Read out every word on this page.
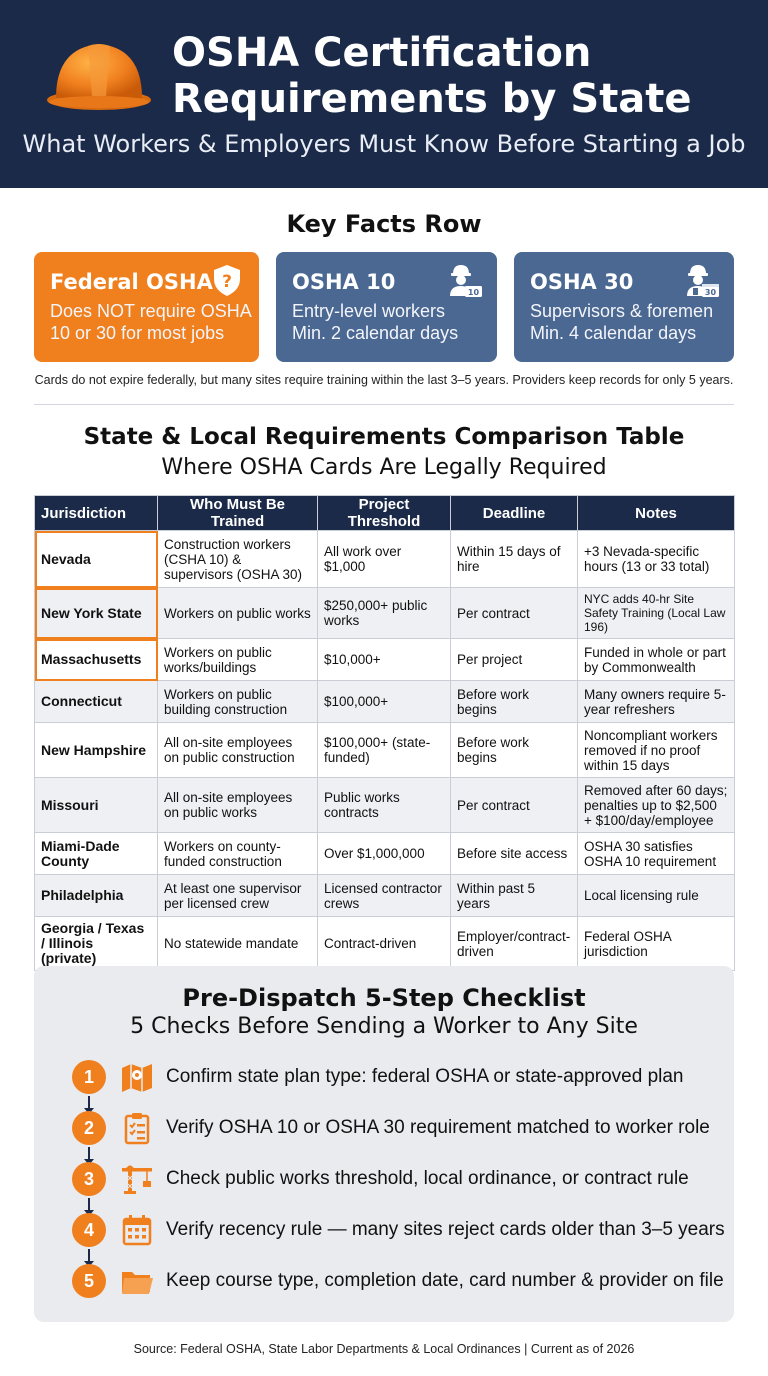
OSHA Certification Requirements by State
What Workers & Employers Must Know Before Starting a Job
Key Facts Row
Federal OSHA
Does NOT require OSHA
10 or 30 for most jobs
?	OSHA 10
Entry-level workers
Min. 2 calendar days
10 OSHA 30
Supervisors & foremen
Min. 4 calendar days
30
Cards do not expire federally, but many sites require training within the last 3–5 years. Providers keep records for only 5 years.
State & Local Requirements Comparison Table
Where OSHA Cards Are Legally Required
Jurisdiction	Who Must Be Trained	Project Threshold	Deadline	Notes
Nevada	Construction workers (CSHA 10) & supervisors (OSHA 30)	All work over $1,000	Within 15 days of hire	+3 Nevada-specific hours (13 or 33 total)
New York State	Workers on public works	$250,000+ public works	Per contract	NYC adds 40-hr Site Safety Training (Local Law 196)
Massachusetts	Workers on public works/buildings	$10,000+	Per project	Funded in whole or part by Commonwealth
Connecticut	Workers on public building construction	$100,000+	Before work begins	Many owners require 5-year refreshers
New Hampshire	All on-site employees on public construction	$100,000+ (state-funded)	Before work begins	Noncompliant workers removed if no proof within 15 days
Missouri	All on-site employees on public works	Public works contracts	Per contract	Removed after 60 days; penalties up to $2,500 + $100/day/employee
Miami-Dade County	Workers on county-funded construction	Over $1,000,000	Before site access	OSHA 30 satisfies OSHA 10 requirement
Philadelphia	At least one supervisor per licensed crew	Licensed contractor crews	Within past 5 years	Local licensing rule
Georgia / Texas / Illinois (private)	No statewide mandate	Contract-driven	Employer/contract-driven	Federal OSHA jurisdiction
Pre-Dispatch 5-Step Checklist
5 Checks Before Sending a Worker to Any Site
1	Confirm state plan type: federal OSHA or state-approved plan
2	Verify OSHA 10 or OSHA 30 requirement matched to worker role
3	Check public works threshold, local ordinance, or contract rule
4	Verify recency rule — many sites reject cards older than 3–5 years
5	Keep course type, completion date, card number & provider on file
Source: Federal OSHA, State Labor Departments & Local Ordinances | Current as of 2026
